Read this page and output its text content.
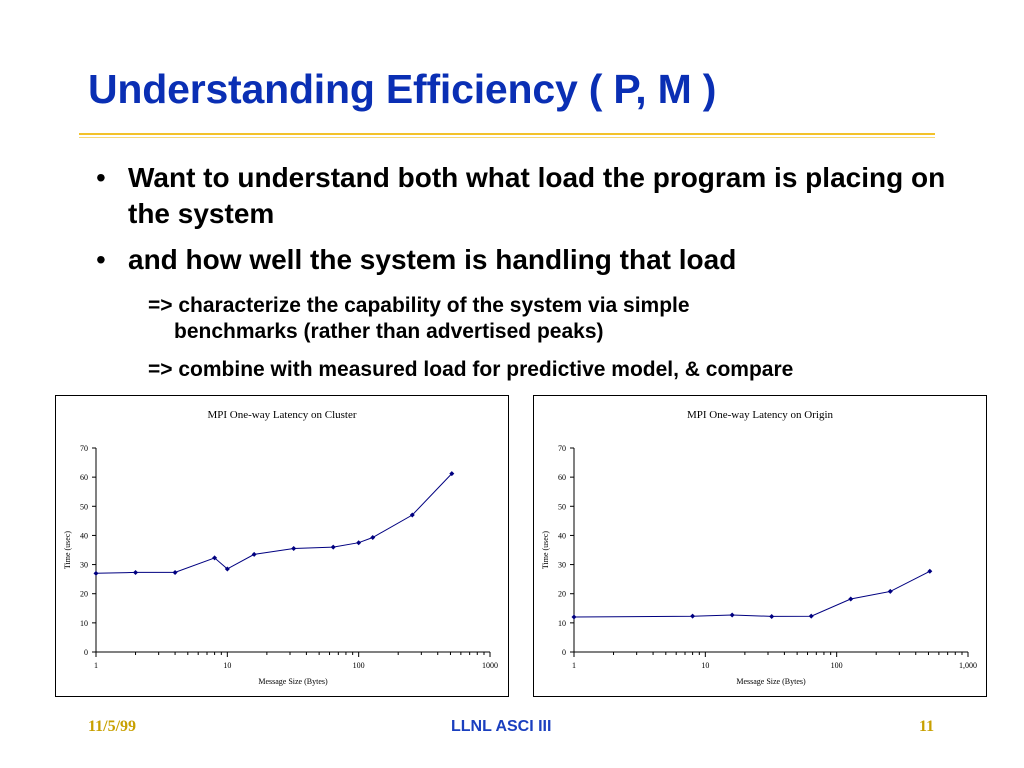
Understanding Efficiency ( P, M )
• Want to understand both what load the program is placing on the system
• and how well the system is handling that load
=> characterize the capability of the system via simple
benchmarks (rather than advertised peaks)
=> combine with measured load for predictive model, & compare
MPI One-way Latency on Cluster
0
10
20
30
40
50
60
70
1	10	100	1000
Message Size (Bytes)
Time (usec)
MPI One-way Latency on Origin
0
10
20
30
40
50
60
70
1	10	100	1,000
Message Size (Bytes)
Time (usec)
11/5/99	LLNL ASCI III	11
